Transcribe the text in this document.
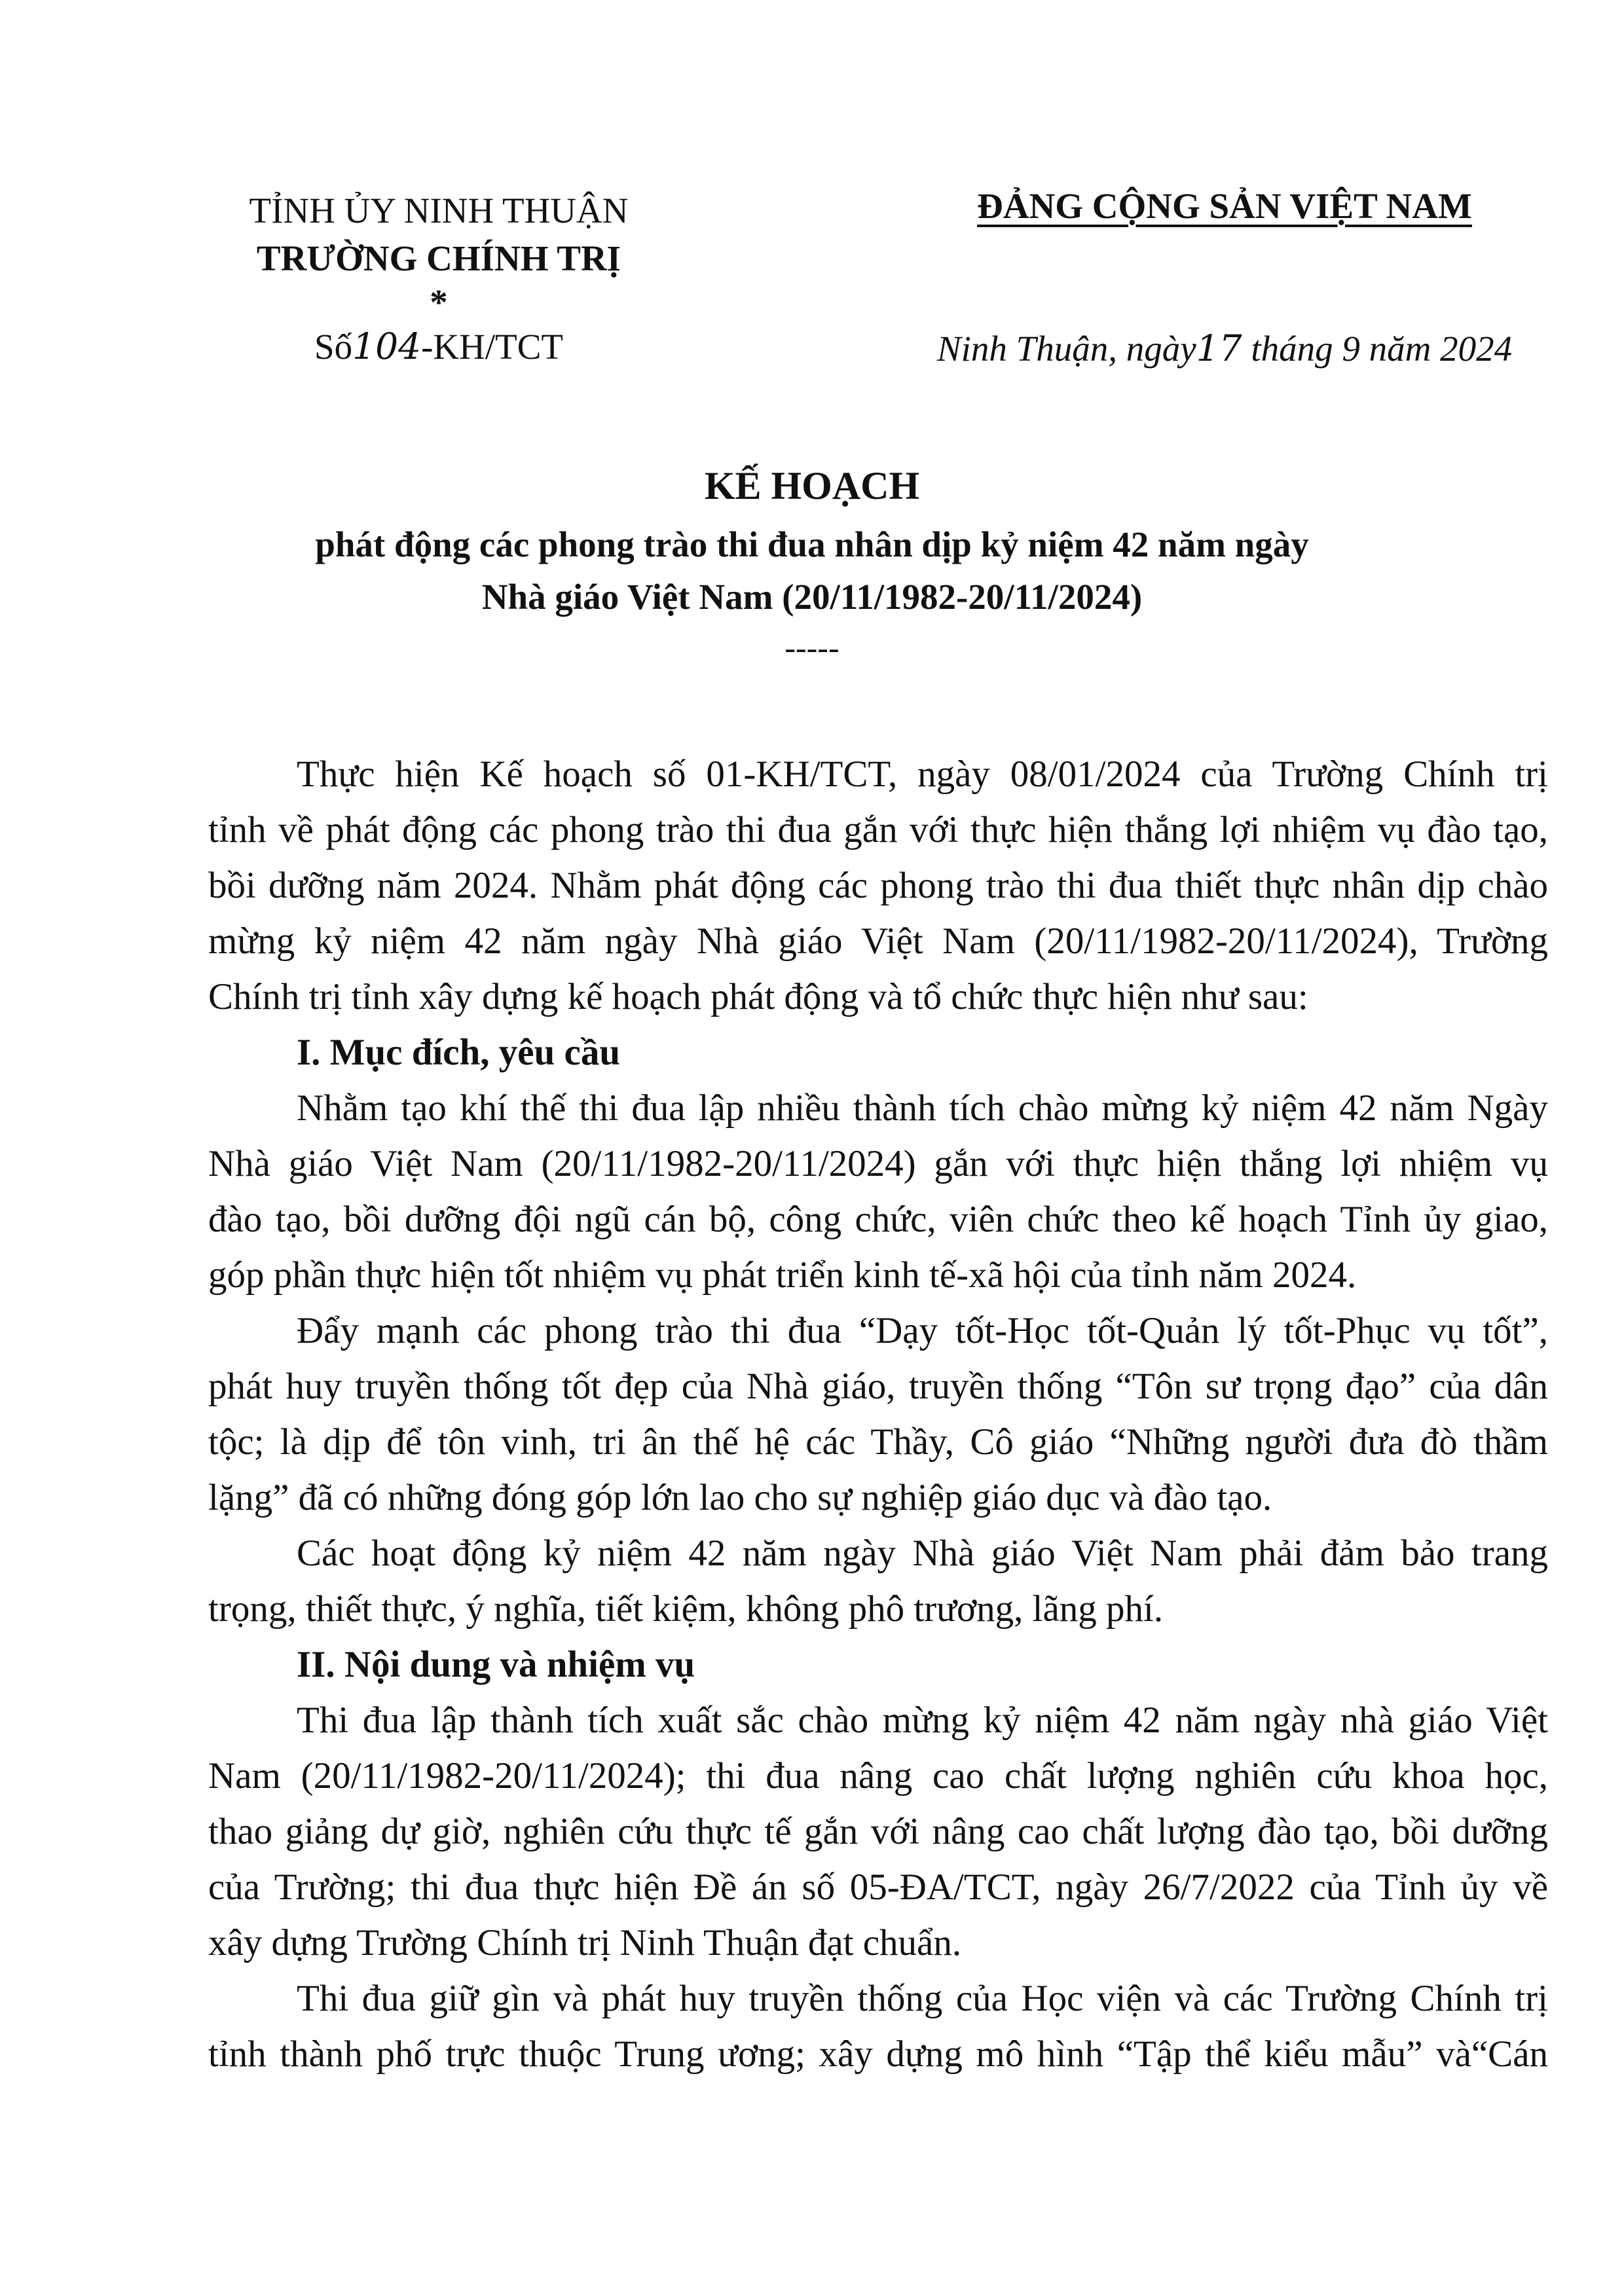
TỈNH ỦY NINH THUẬN
TRƯỜNG CHÍNH TRỊ
*
Số104-KH/TCT
ĐẢNG CỘNG SẢN VIỆT NAM
Ninh Thuận, ngày17 tháng 9 năm 2024
KẾ HOẠCH
phát động các phong trào thi đua nhân dịp kỷ niệm 42 năm ngày
Nhà giáo Việt Nam (20/11/1982-20/11/2024)
-----
Thực hiện Kế hoạch số 01-KH/TCT, ngày 08/01/2024 của Trường Chính trị
tỉnh về phát động các phong trào thi đua gắn với thực hiện thắng lợi nhiệm vụ đào tạo,
bồi dưỡng năm 2024. Nhằm phát động các phong trào thi đua thiết thực nhân dịp chào
mừng kỷ niệm 42 năm ngày Nhà giáo Việt Nam (20/11/1982-20/11/2024), Trường
Chính trị tỉnh xây dựng kế hoạch phát động và tổ chức thực hiện như sau:
I. Mục đích, yêu cầu
Nhằm tạo khí thế thi đua lập nhiều thành tích chào mừng kỷ niệm 42 năm Ngày
Nhà giáo Việt Nam (20/11/1982-20/11/2024) gắn với thực hiện thắng lợi nhiệm vụ
đào tạo, bồi dưỡng đội ngũ cán bộ, công chức, viên chức theo kế hoạch Tỉnh ủy giao,
góp phần thực hiện tốt nhiệm vụ phát triển kinh tế-xã hội của tỉnh năm 2024.
Đẩy mạnh các phong trào thi đua “Dạy tốt-Học tốt-Quản lý tốt-Phục vụ tốt”,
phát huy truyền thống tốt đẹp của Nhà giáo, truyền thống “Tôn sư trọng đạo” của dân
tộc; là dịp để tôn vinh, tri ân thế hệ các Thầy, Cô giáo “Những người đưa đò thầm
lặng” đã có những đóng góp lớn lao cho sự nghiệp giáo dục và đào tạo.
Các hoạt động kỷ niệm 42 năm ngày Nhà giáo Việt Nam phải đảm bảo trang
trọng, thiết thực, ý nghĩa, tiết kiệm, không phô trương, lãng phí.
II. Nội dung và nhiệm vụ
Thi đua lập thành tích xuất sắc chào mừng kỷ niệm 42 năm ngày nhà giáo Việt
Nam (20/11/1982-20/11/2024); thi đua nâng cao chất lượng nghiên cứu khoa học,
thao giảng dự giờ, nghiên cứu thực tế gắn với nâng cao chất lượng đào tạo, bồi dưỡng
của Trường; thi đua thực hiện Đề án số 05-ĐA/TCT, ngày 26/7/2022 của Tỉnh ủy về
xây dựng Trường Chính trị Ninh Thuận đạt chuẩn.
Thi đua giữ gìn và phát huy truyền thống của Học viện và các Trường Chính trị
tỉnh thành phố trực thuộc Trung ương; xây dựng mô hình “Tập thể kiểu mẫu” và“Cán
